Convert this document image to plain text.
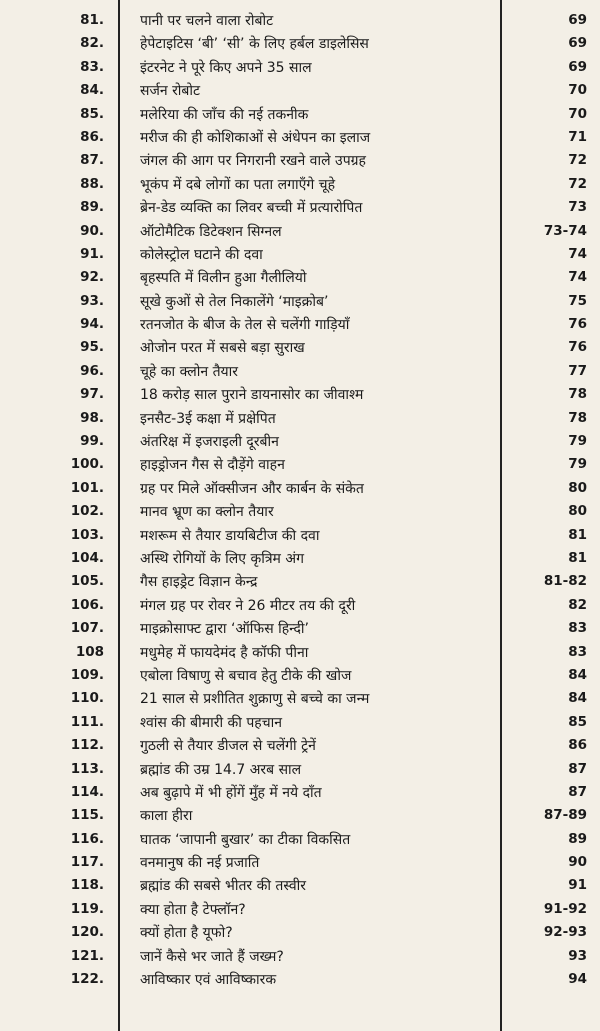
81.	पानी पर चलने वाला रोबोट	69
82.	हेपेटाइटिस ‘बी’ ‘सी’ के लिए हर्बल डाइलेसिस	69
83.	इंटरनेट ने पूरे किए अपने 35 साल	69
84.	सर्जन रोबोट	70
85.	मलेरिया की जाँच की नई तकनीक	70
86.	मरीज की ही कोशिकाओं से अंधेपन का इलाज	71
87.	जंगल की आग पर निगरानी रखने वाले उपग्रह	72
88.	भूकंप में दबे लोगों का पता लगाएँगे चूहे	72
89.	ब्रेन-डेड व्यक्ति का लिवर बच्ची में प्रत्यारोपित	73
90.	ऑटोमैटिक डिटेक्शन सिग्नल	73-74
91.	कोलेस्ट्रोल घटाने की दवा	74
92.	बृहस्पति में विलीन हुआ गैलीलियो	74
93.	सूखे कुओं से तेल निकालेंगे ‘माइक्रोब’	75
94.	रतनजोत के बीज के तेल से चलेंगी गाड़ियाँ	76
95.	ओजोन परत में सबसे बड़ा सुराख	76
96.	चूहे का क्लोन तैयार	77
97.	18 करोड़ साल पुराने डायनासोर का जीवाश्म	78
98.	इनसैट-3ई कक्षा में प्रक्षेपित	78
99.	अंतरिक्ष में इजराइली दूरबीन	79
100.	हाइड्रोजन गैस से दौड़ेंगे वाहन	79
101.	ग्रह पर मिले ऑक्सीजन और कार्बन के संकेत	80
102.	मानव भ्रूण का क्लोन तैयार	80
103.	मशरूम से तैयार डायबिटीज की दवा	81
104.	अस्थि रोगियों के लिए कृत्रिम अंग	81
105.	गैस हाइड्रेट विज्ञान केन्द्र	81-82
106.	मंगल ग्रह पर रोवर ने 26 मीटर तय की दूरी	82
107.	माइक्रोसाफ्ट द्वारा ‘ऑफिस हिन्दी’	83
108	मधुमेह में फायदेमंद है कॉफी पीना	83
109.	एबोला विषाणु से बचाव हेतु टीके की खोज	84
110.	21 साल से प्रशीतित शुक्राणु से बच्चे का जन्म	84
111.	श्वांस की बीमारी की पहचान	85
112.	गुठली से तैयार डीजल से चलेंगी ट्रेनें	86
113.	ब्रह्मांड की उम्र 14.7 अरब साल	87
114.	अब बुढ़ापे में भी होंगें मुँह में नये दाँत	87
115.	काला हीरा	87-89
116.	घातक ‘जापानी बुखार’ का टीका विकसित	89
117.	वनमानुष की नई प्रजाति	90
118.	ब्रह्मांड की सबसे भीतर की तस्वीर	91
119.	क्या होता है टेफ्लॉन?	91-92
120.	क्यों होता है यूफो?	92-93
121.	जानें कैसे भर जाते हैं जख्म?	93
122.	आविष्कार एवं आविष्कारक	94
